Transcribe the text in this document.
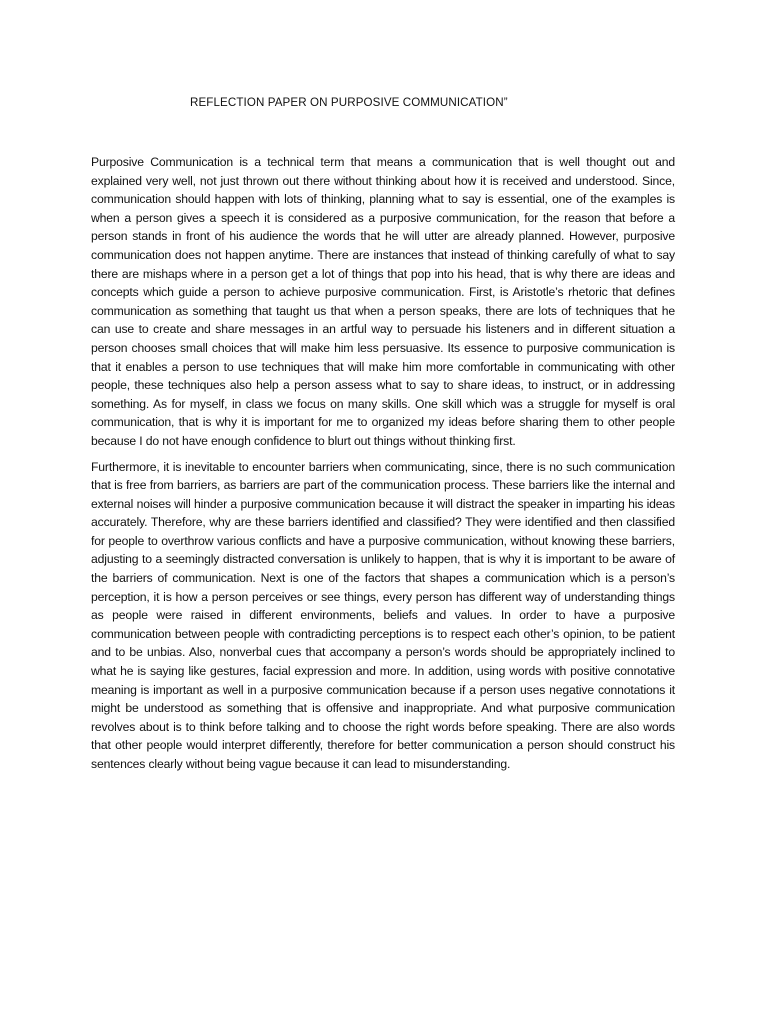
REFLECTION PAPER ON PURPOSIVE COMMUNICATION”

Purposive Communication is a technical term that means a communication that is well thought out and explained very well, not just thrown out there without thinking about how it is received and understood. Since, communication should happen with lots of thinking, planning what to say is essential, one of the examples is when a person gives a speech it is considered as a purposive communication, for the reason that before a person stands in front of his audience the words that he will utter are already planned. However, purposive communication does not happen anytime. There are instances that instead of thinking carefully of what to say there are mishaps where in a person get a lot of things that pop into his head, that is why there are ideas and concepts which guide a person to achieve purposive communication. First, is Aristotle’s rhetoric that defines communication as something that taught us that when a person speaks, there are lots of techniques that he can use to create and share messages in an artful way to persuade his listeners and in different situation a person chooses small choices that will make him less persuasive. Its essence to purposive communication is that it enables a person to use techniques that will make him more comfortable in communicating with other people, these techniques also help a person assess what to say to share ideas, to instruct, or in addressing something. As for myself, in class we focus on many skills. One skill which was a struggle for myself is oral communication, that is why it is important for me to organized my ideas before sharing them to other people because I do not have enough confidence to blurt out things without thinking first.

Furthermore, it is inevitable to encounter barriers when communicating, since, there is no such communication that is free from barriers, as barriers are part of the communication process. These barriers like the internal and external noises will hinder a purposive communication because it will distract the speaker in imparting his ideas accurately. Therefore, why are these barriers identified and classified? They were identified and then classified for people to overthrow various conflicts and have a purposive communication, without knowing these barriers, adjusting to a seemingly distracted conversation is unlikely to happen, that is why it is important to be aware of the barriers of communication. Next is one of the factors that shapes a communication which is a person’s perception, it is how a person perceives or see things, every person has different way of understanding things as people were raised in different environments, beliefs and values. In order to have a purposive communication between people with contradicting perceptions is to respect each other’s opinion, to be patient and to be unbias. Also, nonverbal cues that accompany a person’s words should be appropriately inclined to what he is saying like gestures, facial expression and more. In addition, using words with positive connotative meaning is important as well in a purposive communication because if a person uses negative connotations it might be understood as something that is offensive and inappropriate. And what purposive communication revolves about is to think before talking and to choose the right words before speaking. There are also words that other people would interpret differently, therefore for better communication a person should construct his sentences clearly without being vague because it can lead to misunderstanding.
